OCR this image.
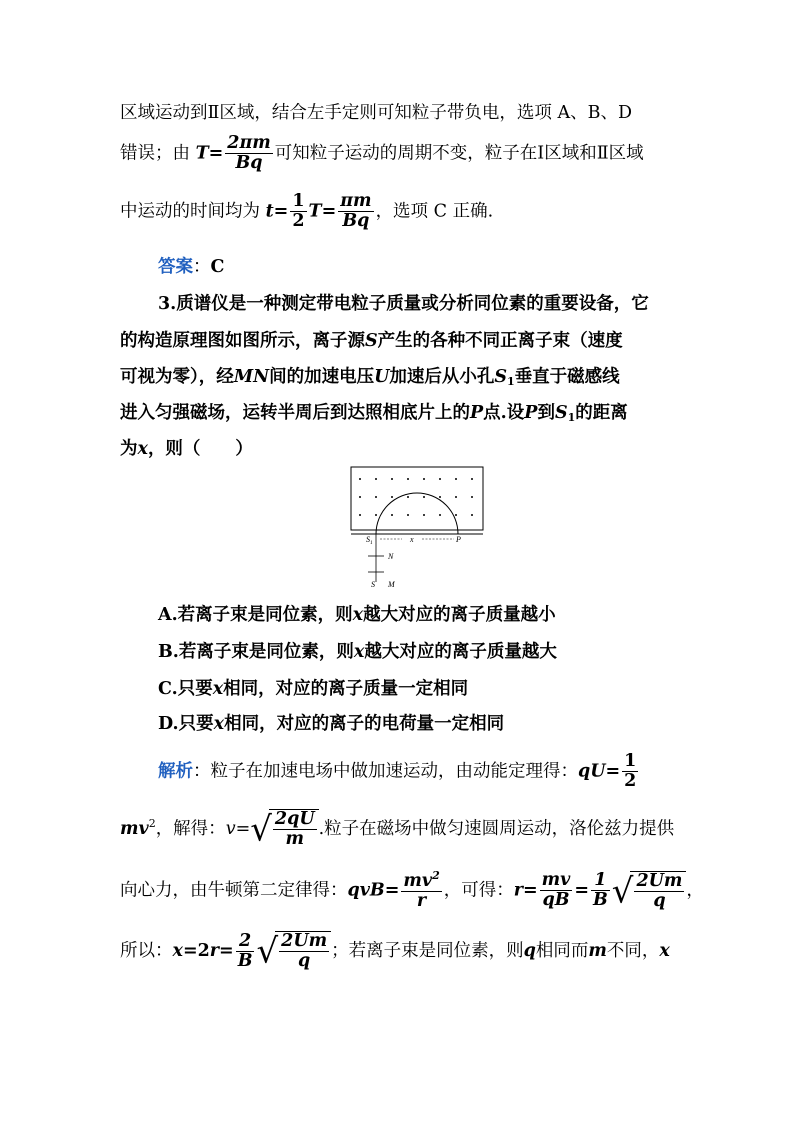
区域运动到Ⅱ区域，结合左手定则可知粒子带负电，选项 A、B、D
错误；由 $T= \frac{2\pi m}{Bq}$ 可知粒子运动的周期不变，粒子在Ⅰ区域和Ⅱ区域
中运动的时间均为 $t= \frac{1}{2} T= \frac{\pi m}{Bq}$ ，选项 C 正确.
答案：C
3.质谱仪是一种测定带电粒子质量或分析同位素的重要设备，它
的构造原理图如图所示，离子源S产生的各种不同正离子束（速度
可视为零），经MN间的加速电压U加速后从小孔$S_1$垂直于磁感线
进入匀强磁场，运转半周后到达照相底片上的P点.设P到$S_1$的距离
为x，则（　　）
$S_1$	x	P
N
S M
A.若离子束是同位素，则x越大对应的离子质量越小
B.若离子束是同位素，则x越大对应的离子质量越大
C.只要x相同，对应的离子质量一定相同
D.只要x相同，对应的离子的电荷量一定相同
解析：粒子在加速电场中做加速运动，由动能定理得：$qU= \frac{1}{2}$
$mv^2$，解得：$v=√ \frac{2qU}{m}$ .粒子在磁场中做匀速圆周运动，洛伦兹力提供
向心力，由牛顿第二定律得：$qvB= \frac{mv^2}{r}$ ，可得：$r= \frac{mv}{qB} = \frac{1}{B}$ √ $\frac{2Um}{q}$ ，
所以：$x=2r= \frac{2}{B}$ √ $\frac{2Um}{q}$ ；若离子束是同位素，则q相同而m不同，x
